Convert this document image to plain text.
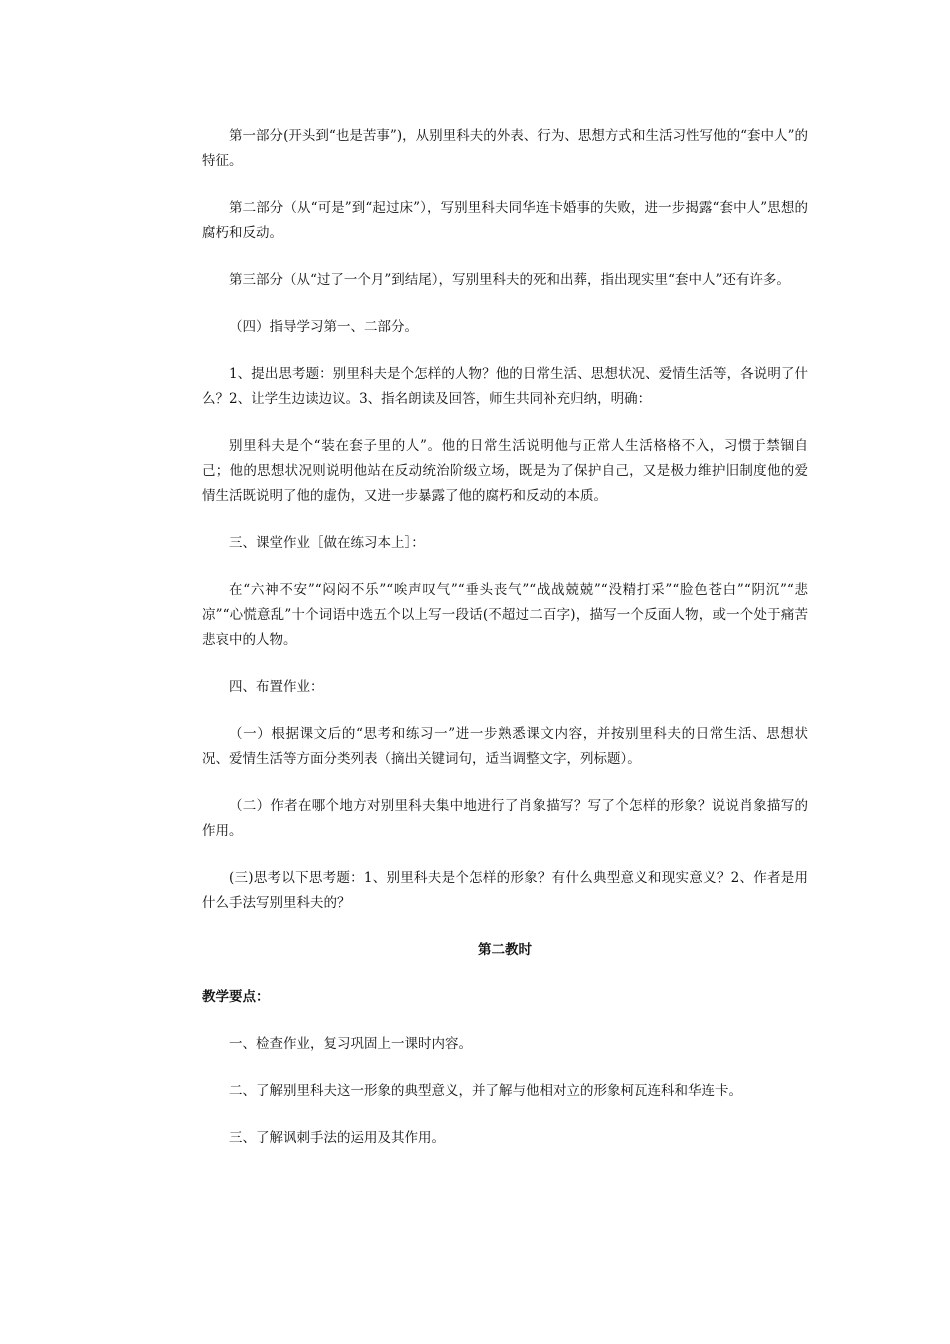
第一部分(开头到“也是苦事”)，从别里科夫的外表、行为、思想方式和生活习性写他的“套中人”的特征。

第二部分（从“可是”到“起过床”），写别里科夫同华连卡婚事的失败，进一步揭露“套中人”思想的腐朽和反动。

第三部分（从“过了一个月”到结尾），写别里科夫的死和出葬，指出现实里“套中人”还有许多。

（四）指导学习第一、二部分。

1、提出思考题：别里科夫是个怎样的人物？他的日常生活、思想状况、爱情生活等，各说明了什么？2、让学生边读边议。3、指名朗读及回答，师生共同补充归纳，明确：

别里科夫是个“装在套子里的人”。他的日常生活说明他与正常人生活格格不入，习惯于禁锢自己；他的思想状况则说明他站在反动统治阶级立场，既是为了保护自己，又是极力维护旧制度他的爱情生活既说明了他的虚伪，又进一步暴露了他的腐朽和反动的本质。

三、课堂作业［做在练习本上］：

在“六神不安”“闷闷不乐”“唉声叹气”“垂头丧气”“战战兢兢”“没精打采”“脸色苍白”“阴沉”“悲凉”“心慌意乱”十个词语中选五个以上写一段话(不超过二百字)，描写一个反面人物，或一个处于痛苦悲哀中的人物。

四、布置作业：

（一）根据课文后的“思考和练习一”进一步熟悉课文内容，并按别里科夫的日常生活、思想状况、爱情生活等方面分类列表（摘出关键词句，适当调整文字，列标题）。

（二）作者在哪个地方对别里科夫集中地进行了肖象描写？写了个怎样的形象？说说肖象描写的作用。

(三)思考以下思考题：1、别里科夫是个怎样的形象？有什么典型意义和现实意义？2、作者是用什么手法写别里科夫的？

第二教时
教学要点：

一、检查作业，复习巩固上一课时内容。

二、了解别里科夫这一形象的典型意义，并了解与他相对立的形象柯瓦连科和华连卡。

三、了解讽刺手法的运用及其作用。
